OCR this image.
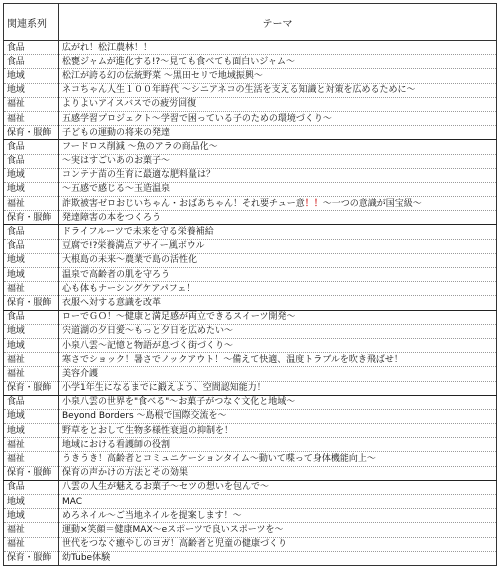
関連系列	テーマ
食品	広がれ！松江農林！！
食品	松甕ジャムが進化する!?〜見ても食べても面白いジャム〜
地域	松江が誇る幻の伝統野菜 〜黒田セリで地域振興〜
地域	ネコちゃん人生１００年時代 〜シニアネコの生活を支える知識と対策を広めるために〜
福祉	よりよいアイスバスでの疲労回復
福祉	五感学習プロジェクト〜学習で困っている子のための環境づくり〜
保育・服飾	子どもの運動の将来の発達
食品	フードロス削減 〜魚のアラの商品化〜
食品	〜実はすごいあのお菓子〜
地域	コンテナ苗の生育に最適な肥料量は？
地域	〜五感で感じる〜玉造温泉
福祉	詐欺被害ゼロおじいちゃん・おばあちゃん！それ要チュー意！！〜一つの意識が国宝級〜
保育・服飾	発達障害の本をつくろう
食品	ドライフルーツで未来を守る栄養補給
食品	豆腐で!?栄養満点アサイー風ボウル
地域	大根島の未来〜農業で島の活性化
地域	温泉で高齢者の肌を守ろう
福祉	心も体もナーシングケアパフェ！
保育・服飾	衣服へ対する意識を改革
食品	ローでＧＯ！〜健康と満足感が両立できるスイーツ開発〜
地域	宍道湖の夕日愛〜もっと夕日を広めたい〜
地域	小泉八雲〜記憶と物語が息づく街づくり〜
福祉	寒さでショック！暑さでノックアウト！〜備えて快適、温度トラブルを吹き飛ばせ！
福祉	美容介護
保育・服飾	小学1年生になるまでに鍛えよう、空間認知能力！
食品	小泉八雲の世界を"食べる"〜お菓子がつなぐ文化と地域〜
地域	Beyond Borders 〜島根で国際交流を〜
地域	野草をとおして生物多様性衰退の抑制を！
福祉	地域における看護師の役割
福祉	うきうき！高齢者とコミュニケーションタイム〜動いて喋って身体機能向上〜
保育・服飾	保育の声かけの方法とその効果
食品	八雲の人生が魅えるお菓子〜セツの想いを包んで〜
地域	MAC
地域	めろネイル〜ご当地ネイルを提案します！〜
福祉	運動×笑顔＝健康MAX〜eスポーツで良いスポーツを〜
福祉	世代をつなぐ癒やしのヨガ！高齢者と児童の健康づくり
保育・服飾	幼Tube体験
